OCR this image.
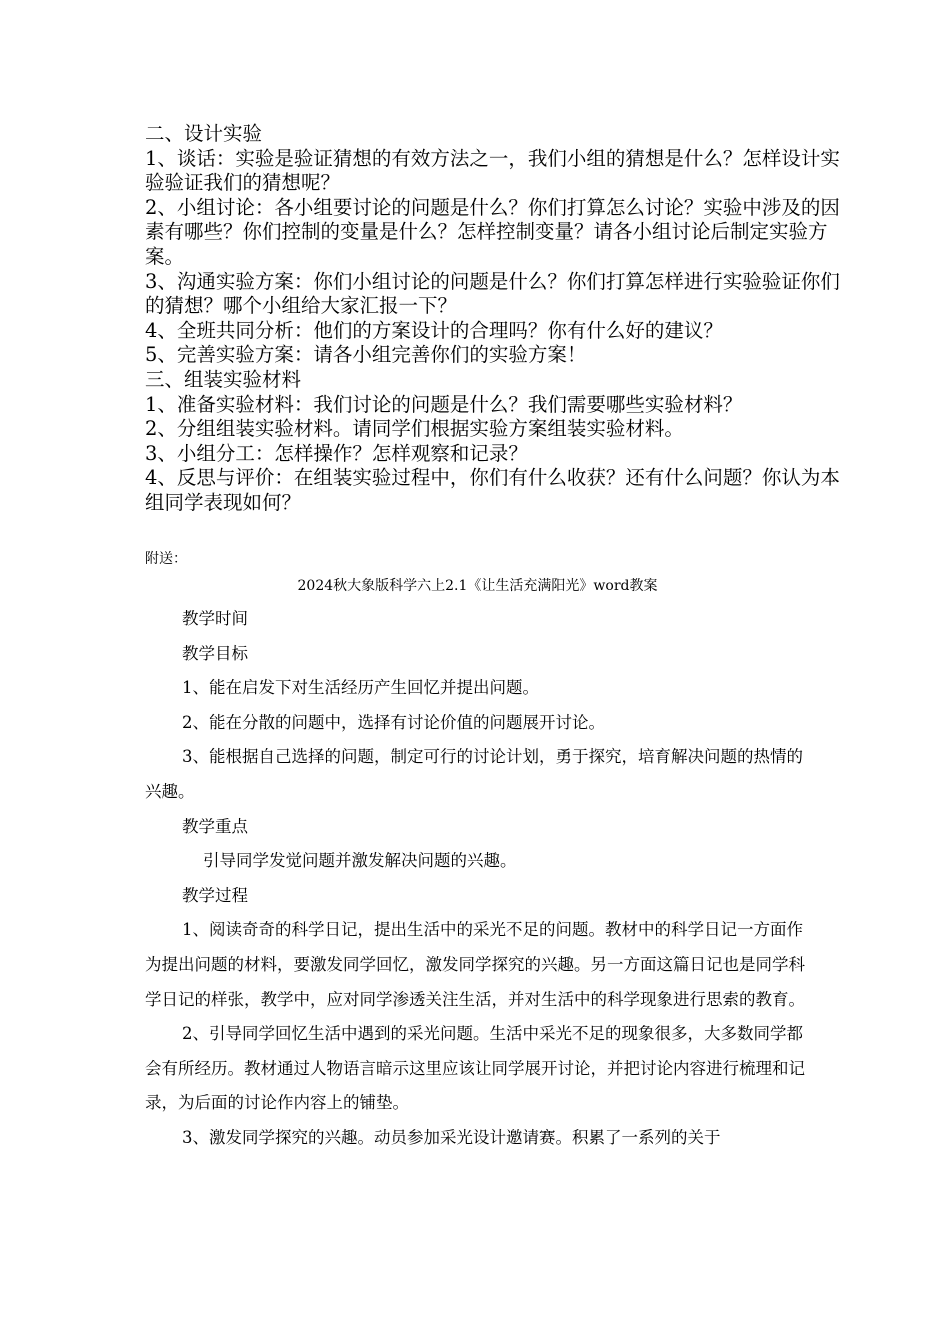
二、设计实验

1、谈话：实验是验证猜想的有效方法之一，我们小组的猜想是什么？怎样设计实验验证我们的猜想呢？

2、小组讨论：各小组要讨论的问题是什么？你们打算怎么讨论？实验中涉及的因素有哪些？你们控制的变量是什么？怎样控制变量？请各小组讨论后制定实验方案。

3、沟通实验方案：你们小组讨论的问题是什么？你们打算怎样进行实验验证你们的猜想？哪个小组给大家汇报一下？

4、全班共同分析：他们的方案设计的合理吗？你有什么好的建议？

5、完善实验方案：请各小组完善你们的实验方案！

三、组装实验材料

1、准备实验材料：我们讨论的问题是什么？我们需要哪些实验材料？

2、分组组装实验材料。请同学们根据实验方案组装实验材料。

3、小组分工：怎样操作？怎样观察和记录？

4、反思与评价：在组装实验过程中，你们有什么收获？还有什么问题？你认为本组同学表现如何？

附送：

2024秋大象版科学六上2.1《让生活充满阳光》word教案

教学时间

教学目标

1、能在启发下对生活经历产生回忆并提出问题。

2、能在分散的问题中，选择有讨论价值的问题展开讨论。

3、能根据自己选择的问题，制定可行的讨论计划，勇于探究，培育解决问题的热情的兴趣。

教学重点

引导同学发觉问题并激发解决问题的兴趣。

教学过程

1、阅读奇奇的科学日记，提出生活中的采光不足的问题。教材中的科学日记一方面作为提出问题的材料，要激发同学回忆，激发同学探究的兴趣。另一方面这篇日记也是同学科学日记的样张，教学中，应对同学渗透关注生活，并对生活中的科学现象进行思索的教育。

2、引导同学回忆生活中遇到的采光问题。生活中采光不足的现象很多，大多数同学都会有所经历。教材通过人物语言暗示这里应该让同学展开讨论，并把讨论内容进行梳理和记录，为后面的讨论作内容上的铺垫。

3、激发同学探究的兴趣。动员参加采光设计邀请赛。积累了一系列的关于
